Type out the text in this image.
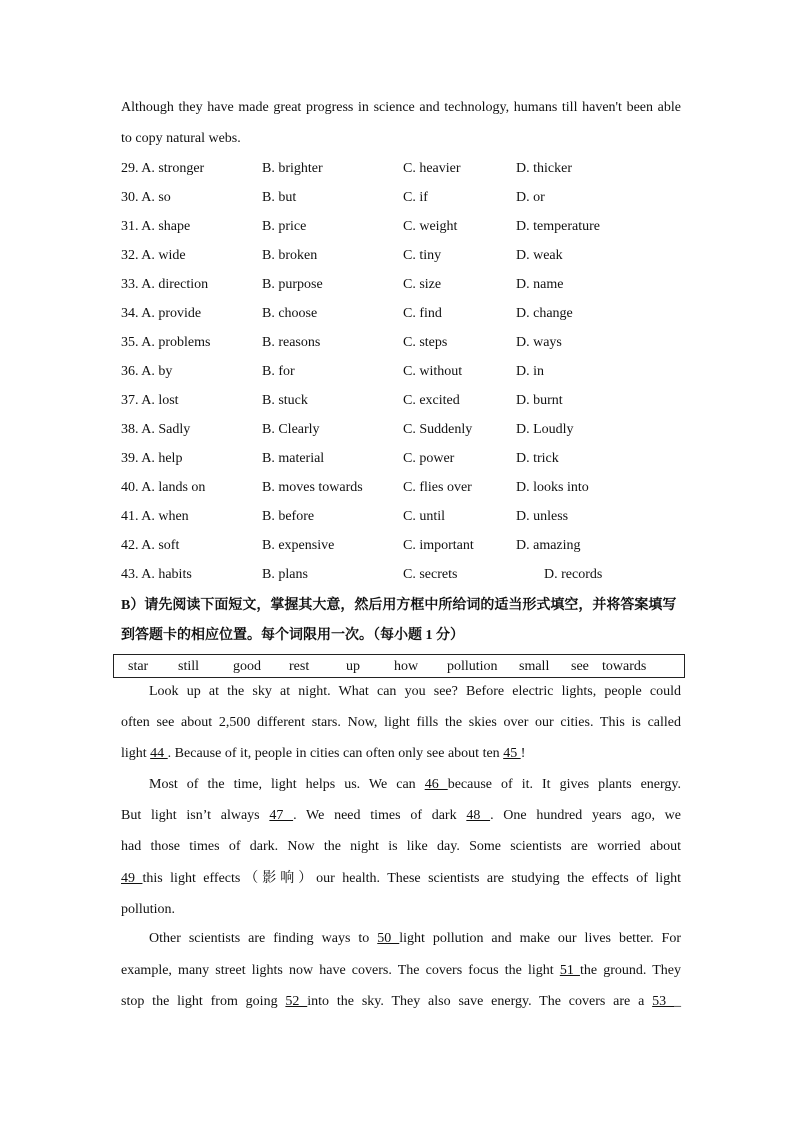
Although they have made great progress in science and technology, humans till haven't been able
to copy natural webs.
29. A. stronger	B. brighter	C. heavier	D. thicker
30. A. so	B. but	C. if	D. or
31. A. shape	B. price	C. weight	D. temperature
32. A. wide	B. broken	C. tiny	D. weak
33. A. direction	B. purpose	C. size	D. name
34. A. provide	B. choose	C. find	D. change
35. A. problems	B. reasons	C. steps	D. ways
36. A. by	B. for	C. without	D. in
37. A. lost	B. stuck	C. excited	D. burnt
38. A. Sadly	B. Clearly	C. Suddenly	D. Loudly
39. A. help	B. material	C. power	D. trick
40. A. lands on	B. moves towards	C. flies over	D. looks into
41. A. when	B. before	C. until	D. unless
42. A. soft	B. expensive	C. important	D. amazing
43. A. habits	B. plans	C. secrets	D. records
B）请先阅读下面短文，掌握其大意，然后用方框中所给词的适当形式填空，并将答案填写
到答题卡的相应位置。每个词限用一次。（每小题 1 分）
star still good rest	up how pollution small see towards
Look up at the sky at night. What can you see? Before electric lights, people could
often see about 2,500 different stars. Now, light fills the skies over our cities. This is called
light 44 . Because of it, people in cities can often only see about ten 45 !
Most of the time, light helps us. We can 46 because of it. It gives plants energy.
But light isn’t always 47 . We need times of dark 48 . One hundred years ago, we
had those times of dark. Now the night is like day. Some scientists are worried about
49 this light effects（影响）our health. These scientists are studying the effects of light
pollution.
Other scientists are finding ways to 50 light pollution and make our lives better. For
example, many street lights now have covers. The covers focus the light 51 the ground. They
stop the light from going 52 into the sky. They also save energy. The covers are a 53 _
